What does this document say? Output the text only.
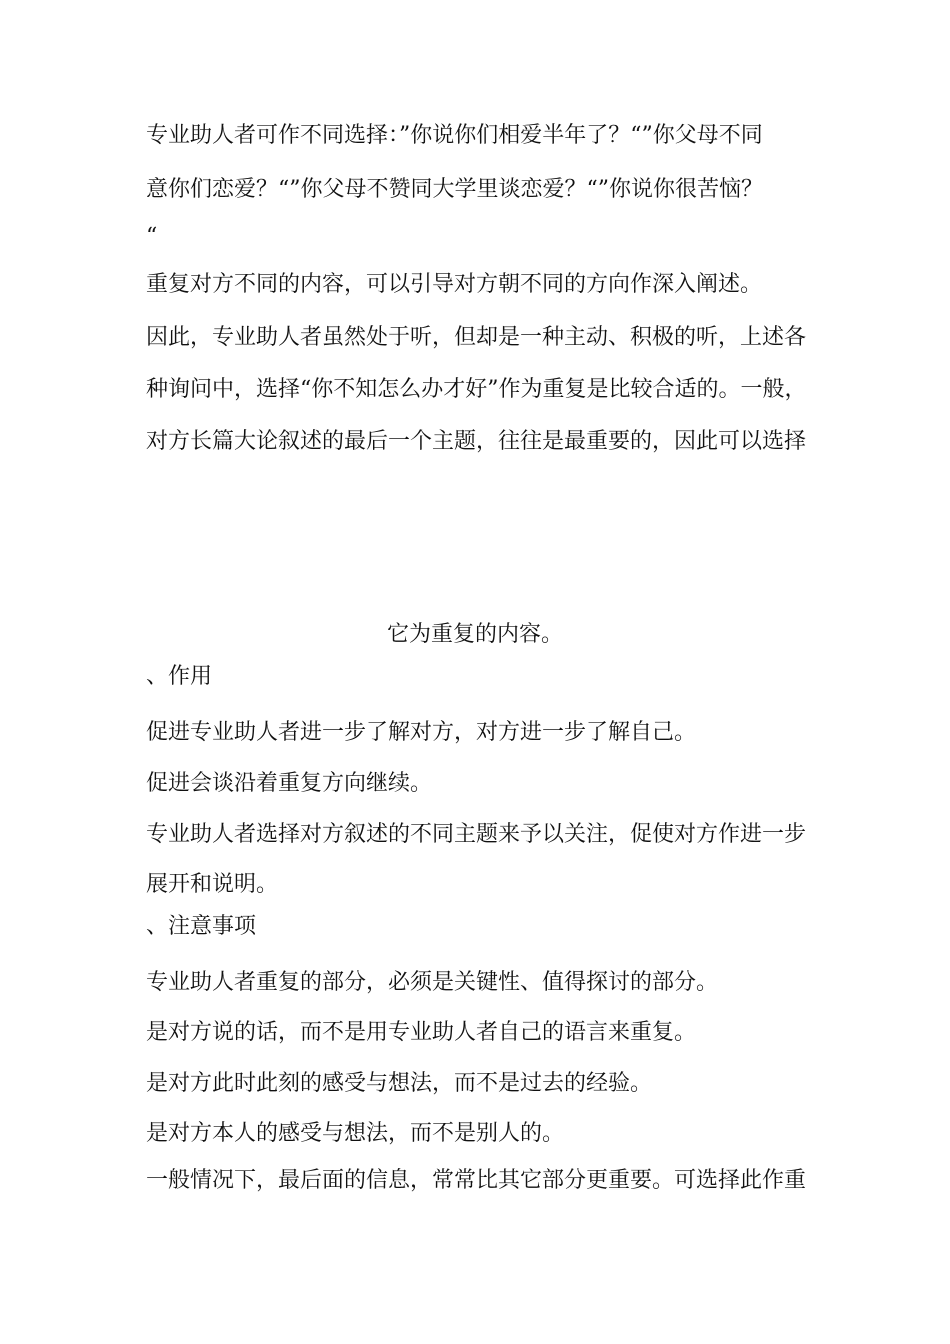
专业助人者可作不同选择：”你说你们相爱半年了？“”你父母不同

意你们恋爱？“”你父母不赞同大学里谈恋爱？“”你说你很苦恼？

“

重复对方不同的内容，可以引导对方朝不同的方向作深入阐述。

因此，专业助人者虽然处于听，但却是一种主动、积极的听，上述各

种询问中，选择“你不知怎么办才好”作为重复是比较合适的。一般，

对方长篇大论叙述的最后一个主题，往往是最重要的，因此可以选择

它为重复的内容。

、作用

促进专业助人者进一步了解对方，对方进一步了解自己。

促进会谈沿着重复方向继续。

专业助人者选择对方叙述的不同主题来予以关注，促使对方作进一步

展开和说明。

、注意事项

专业助人者重复的部分，必须是关键性、值得探讨的部分。

是对方说的话，而不是用专业助人者自己的语言来重复。

是对方此时此刻的感受与想法，而不是过去的经验。

是对方本人的感受与想法，而不是别人的。

一般情况下，最后面的信息，常常比其它部分更重要。可选择此作重
